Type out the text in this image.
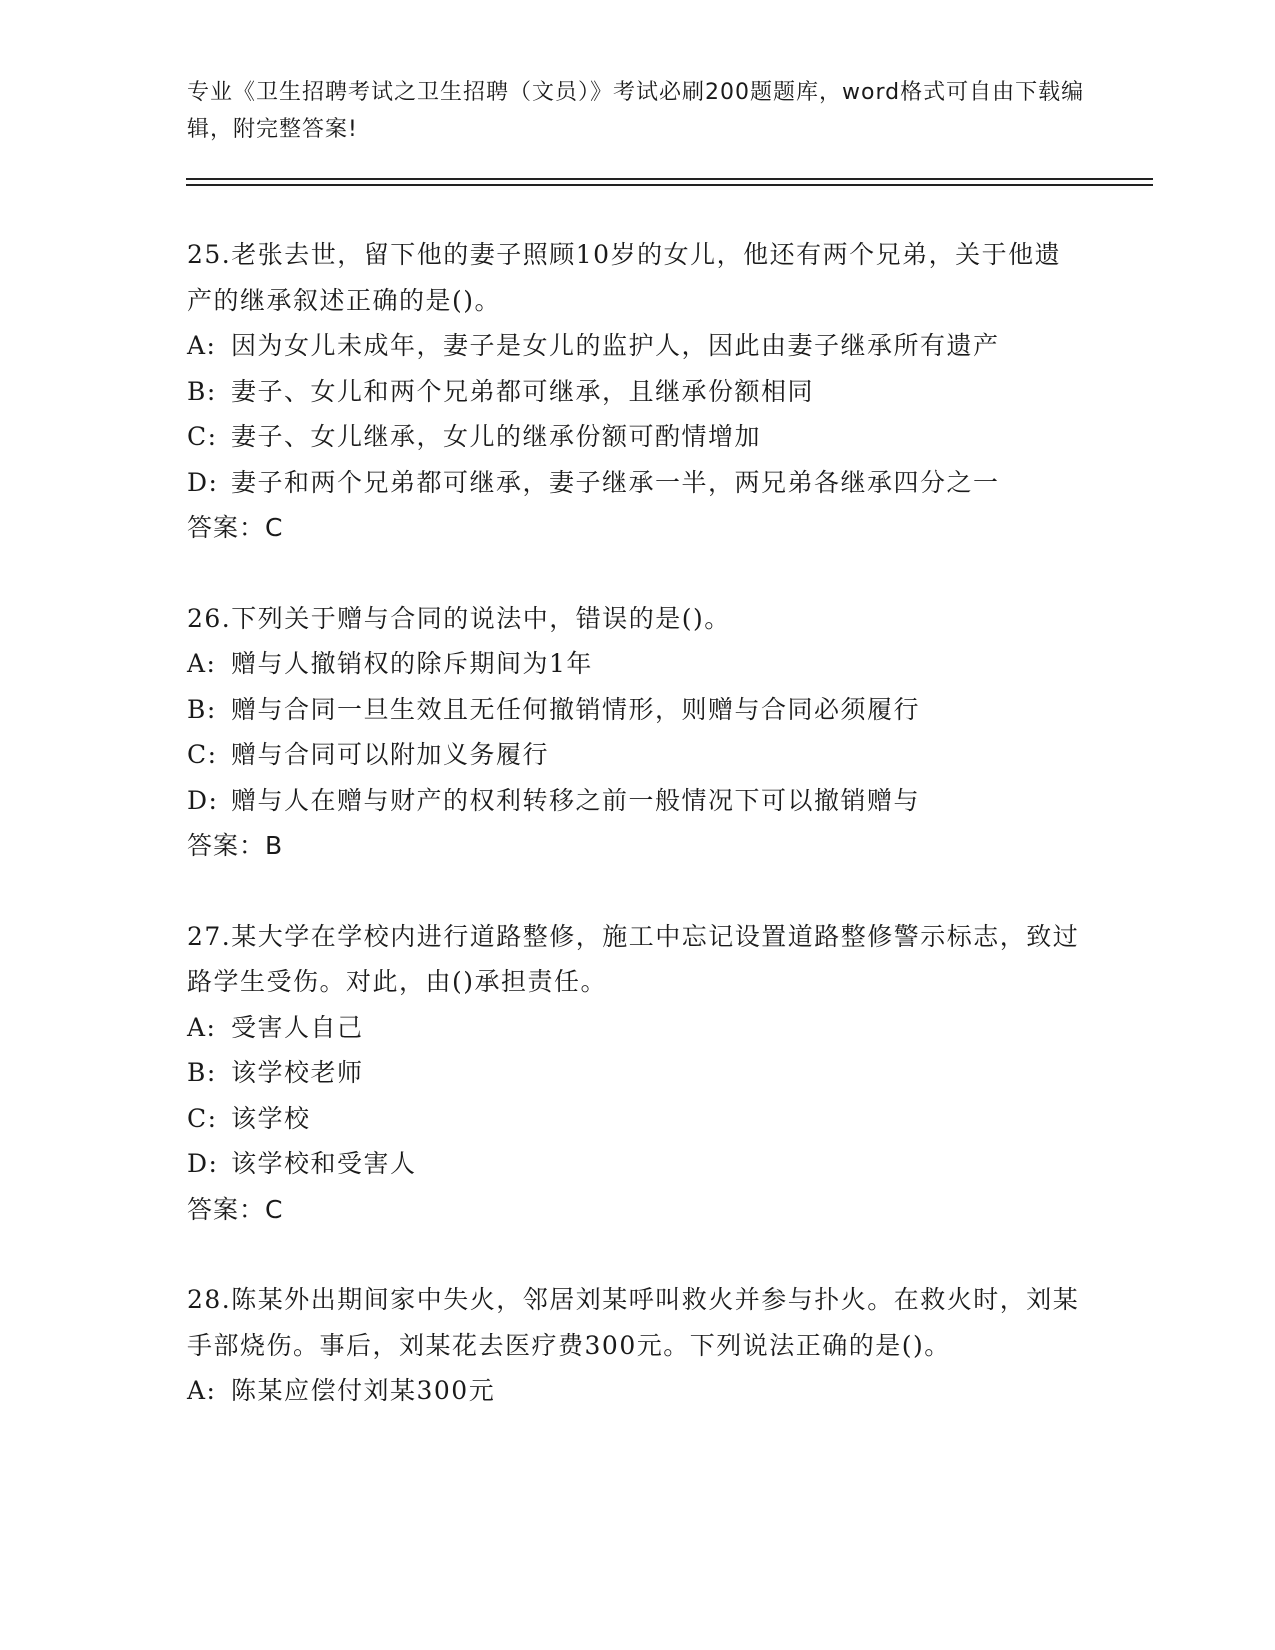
专业《卫生招聘考试之卫生招聘（文员）》考试必刷200题题库，word格式可自由下载编辑，附完整答案!

25.老张去世，留下他的妻子照顾10岁的女儿，他还有两个兄弟，关于他遗产的继承叙述正确的是()。

A: 因为女儿未成年，妻子是女儿的监护人，因此由妻子继承所有遗产

B: 妻子、女儿和两个兄弟都可继承，且继承份额相同

C: 妻子、女儿继承，女儿的继承份额可酌情增加

D: 妻子和两个兄弟都可继承，妻子继承一半，两兄弟各继承四分之一

答案：C

26.下列关于赠与合同的说法中，错误的是()。

A: 赠与人撤销权的除斥期间为1年

B: 赠与合同一旦生效且无任何撤销情形，则赠与合同必须履行

C: 赠与合同可以附加义务履行

D: 赠与人在赠与财产的权利转移之前一般情况下可以撤销赠与

答案：B

27.某大学在学校内进行道路整修，施工中忘记设置道路整修警示标志，致过路学生受伤。对此，由()承担责任。

A: 受害人自己

B: 该学校老师

C: 该学校

D: 该学校和受害人

答案：C

28.陈某外出期间家中失火，邻居刘某呼叫救火并参与扑火。在救火时，刘某手部烧伤。事后，刘某花去医疗费300元。下列说法正确的是()。

A: 陈某应偿付刘某300元
